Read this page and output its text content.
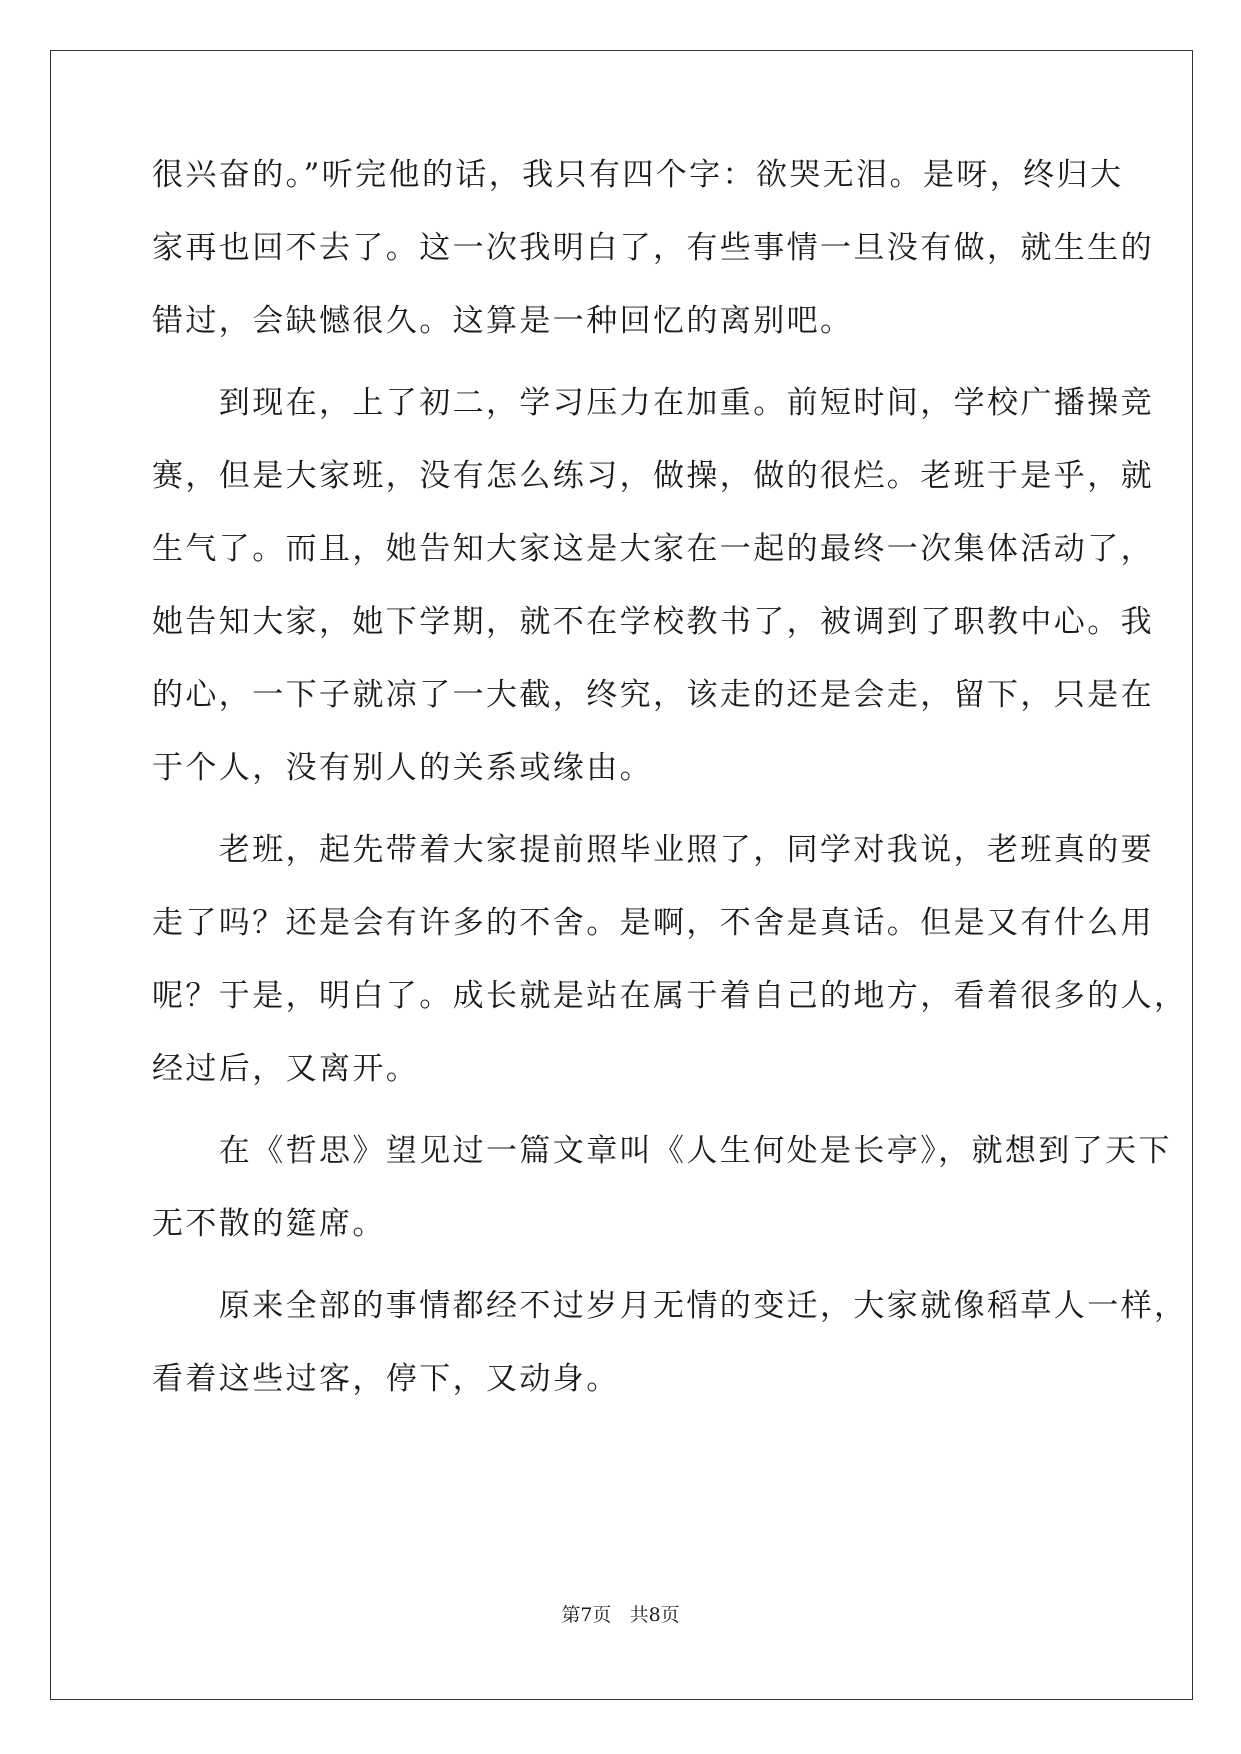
很兴奋的。”听完他的话，我只有四个字：欲哭无泪。是呀，终归大
家再也回不去了。这一次我明白了，有些事情一旦没有做，就生生的
错过，会缺憾很久。这算是一种回忆的离别吧。
　　到现在，上了初二，学习压力在加重。前短时间，学校广播操竞
赛，但是大家班，没有怎么练习，做操，做的很烂。老班于是乎，就
生气了。而且，她告知大家这是大家在一起的最终一次集体活动了，
她告知大家，她下学期，就不在学校教书了，被调到了职教中心。我
的心，一下子就凉了一大截，终究，该走的还是会走，留下，只是在
于个人，没有别人的关系或缘由。
　　老班，起先带着大家提前照毕业照了，同学对我说，老班真的要
走了吗？还是会有许多的不舍。是啊，不舍是真话。但是又有什么用
呢？于是，明白了。成长就是站在属于着自己的地方，看着很多的人，
经过后，又离开。
　　在《哲思》望见过一篇文章叫《人生何处是长亭》，就想到了天下
无不散的筵席。
　　原来全部的事情都经不过岁月无情的变迁，大家就像稻草人一样，
看着这些过客，停下，又动身。
第7页 共8页
